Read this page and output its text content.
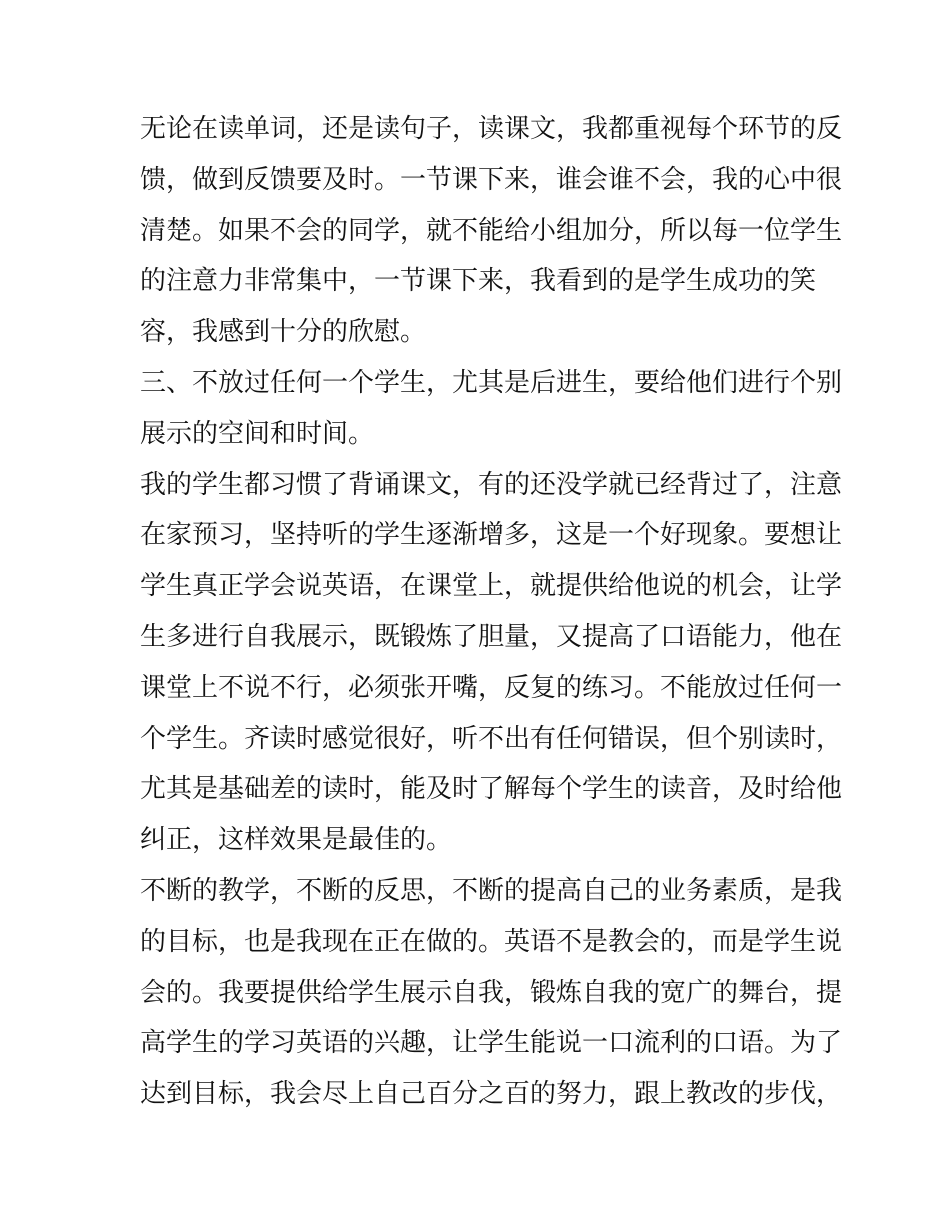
无论在读单词，还是读句子，读课文，我都重视每个环节的反
馈，做到反馈要及时。一节课下来，谁会谁不会，我的心中很
清楚。如果不会的同学，就不能给小组加分，所以每一位学生
的注意力非常集中，一节课下来，我看到的是学生成功的笑
容，我感到十分的欣慰。
三、不放过任何一个学生，尤其是后进生，要给他们进行个别
展示的空间和时间。
我的学生都习惯了背诵课文，有的还没学就已经背过了，注意
在家预习，坚持听的学生逐渐增多，这是一个好现象。要想让
学生真正学会说英语，在课堂上，就提供给他说的机会，让学
生多进行自我展示，既锻炼了胆量，又提高了口语能力，他在
课堂上不说不行，必须张开嘴，反复的练习。不能放过任何一
个学生。齐读时感觉很好，听不出有任何错误，但个别读时，
尤其是基础差的读时，能及时了解每个学生的读音，及时给他
纠正，这样效果是最佳的。
不断的教学，不断的反思，不断的提高自己的业务素质，是我
的目标，也是我现在正在做的。英语不是教会的，而是学生说
会的。我要提供给学生展示自我，锻炼自我的宽广的舞台，提
高学生的学习英语的兴趣，让学生能说一口流利的口语。为了
达到目标，我会尽上自己百分之百的努力，跟上教改的步伐，
